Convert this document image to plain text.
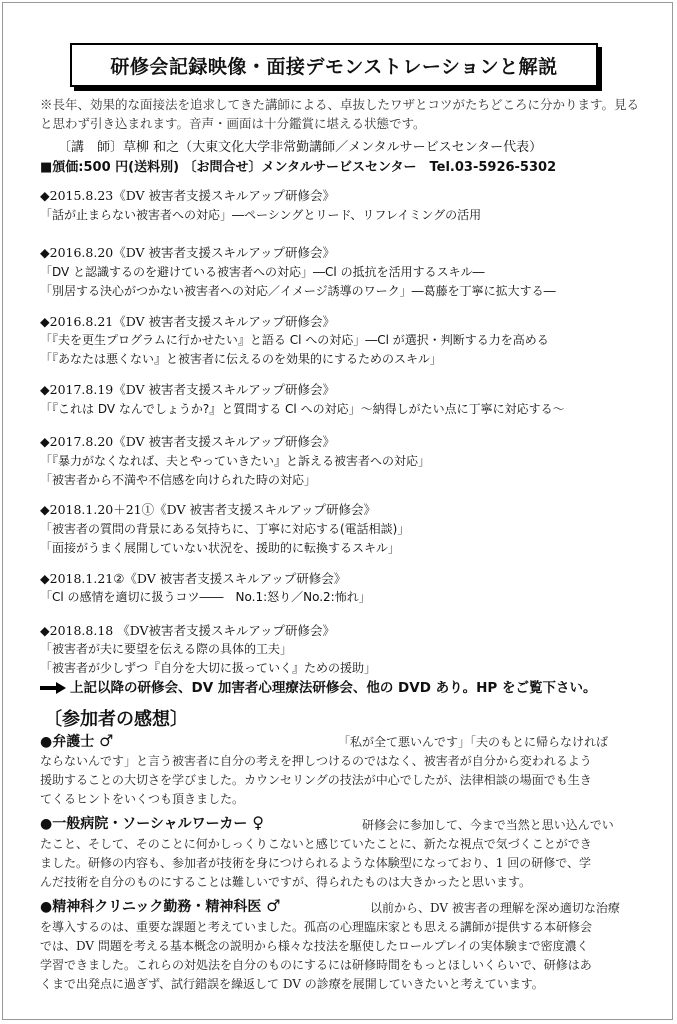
研修会記録映像・面接デモンストレーションと解説
※長年、効果的な面接法を追求してきた講師による、卓抜したワザとコツがたちどころに分かります。見ると思わず引き込まれます。音声・画面は十分鑑賞に堪える状態です。
〔講　師〕草柳 和之（大東文化大学非常勤講師／メンタルサービスセンター代表）
■頒価:500 円(送料別) 〔お問合せ〕メンタルサービスセンター　Tel.03-5926-5302
◆2015.8.23《DV 被害者支援スキルアップ研修会》
「話が止まらない被害者への対応」―ペーシングとリード、リフレイミングの活用
◆2016.8.20《DV 被害者支援スキルアップ研修会》
「DV と認識するのを避けている被害者への対応」―Cl の抵抗を活用するスキル―
「別居する決心がつかない被害者への対応／イメージ誘導のワーク」―葛藤を丁寧に拡大する―
◆2016.8.21《DV 被害者支援スキルアップ研修会》
「『夫を更生プログラムに行かせたい』と語る Cl への対応」―Cl が選択・判断する力を高める
「『あなたは悪くない』と被害者に伝えるのを効果的にするためのスキル」
◆2017.8.19《DV 被害者支援スキルアップ研修会》
「『これは DV なんでしょうか?』と質問する Cl への対応」～納得しがたい点に丁寧に対応する～
◆2017.8.20《DV 被害者支援スキルアップ研修会》
「『暴力がなくなれば、夫とやっていきたい』と訴える被害者への対応」
「被害者から不満や不信感を向けられた時の対応」
◆2018.1.20＋21①《DV 被害者支援スキルアップ研修会》
「被害者の質問の背景にある気持ちに、丁寧に対応する(電話相談)」
「面接がうまく展開していない状況を、援助的に転換するスキル」
◆2018.1.21②《DV 被害者支援スキルアップ研修会》
「Cl の感情を適切に扱うコツ――　No.1:怒り／No.2:怖れ」
◆2018.8.18 《DV被害者支援スキルアップ研修会》
「被害者が夫に要望を伝える際の具体的工夫」
「被害者が少しずつ『自分を大切に扱っていく』ための援助」
上記以降の研修会、DV 加害者心理療法研修会、他の DVD あり。HP をご覧下さい。
〔参加者の感想〕
●弁護士 ♂	「私が全て悪いんです」「夫のもとに帰らなければ
ならないんです」と言う被害者に自分の考えを押しつけるのではなく、被害者が自分から変われるよう
援助することの大切さを学びました。カウンセリングの技法が中心でしたが、法律相談の場面でも生き
てくるヒントをいくつも頂きました。
●一般病院・ソーシャルワーカー ♀	研修会に参加して、今まで当然と思い込んでい
たこと、そして、そのことに何かしっくりこないと感じていたことに、新たな視点で気づくことができ
ました。研修の内容も、参加者が技術を身につけられるような体験型になっており、1 回の研修で、学
んだ技術を自分のものにすることは難しいですが、得られたものは大きかったと思います。
●精神科クリニック勤務・精神科医 ♂	以前から、DV 被害者の理解を深め適切な治療
を導入するのは、重要な課題と考えていました。孤高の心理臨床家とも思える講師が提供する本研修会
では、DV 問題を考える基本概念の説明から様々な技法を駆使したロールプレイの実体験まで密度濃く
学習できました。これらの対処法を自分のものにするには研修時間をもっとほしいくらいで、研修はあ
くまで出発点に過ぎず、試行錯誤を繰返して DV の診療を展開していきたいと考えています。
